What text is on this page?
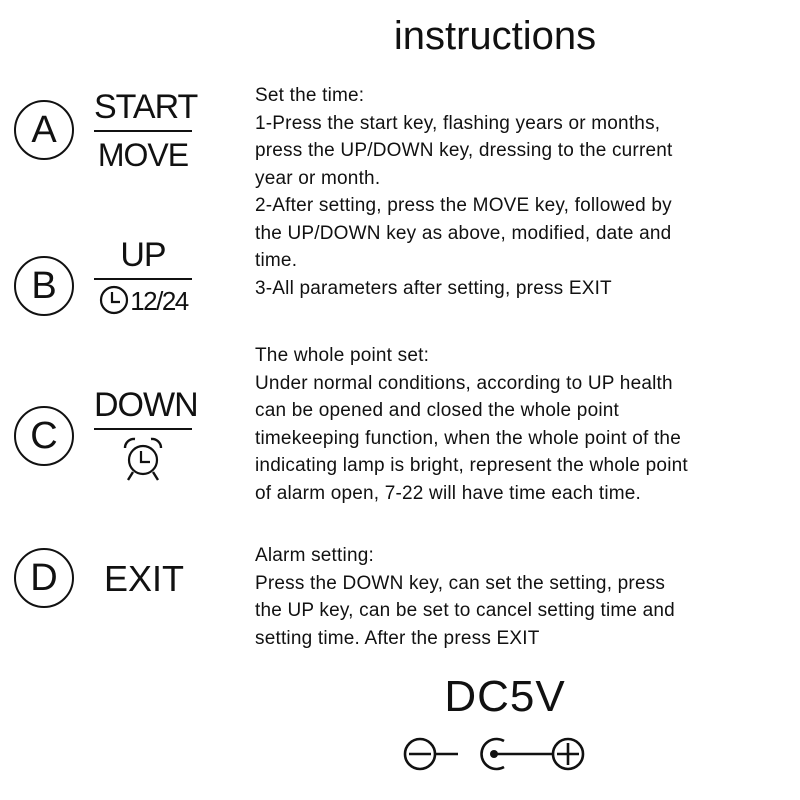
instructions
A
START
MOVE
B
UP
12/24
C
DOWN
D	EXIT
Set the time:
1-Press the start key, flashing years or months,
press the UP/DOWN key, dressing to the current
year or month.
2-After setting, press the MOVE key, followed by
the UP/DOWN key as above, modified, date and
time.
3-All parameters after setting, press EXIT
The whole point set:
Under normal conditions, according to UP health
can be opened and closed the whole point
timekeeping function, when the whole point of the
indicating lamp is bright, represent the whole point
of alarm open, 7-22 will have time each time.
Alarm setting:
Press the DOWN key, can set the setting, press
the UP key, can be set to cancel setting time and
setting time. After the press EXIT
DC5V
